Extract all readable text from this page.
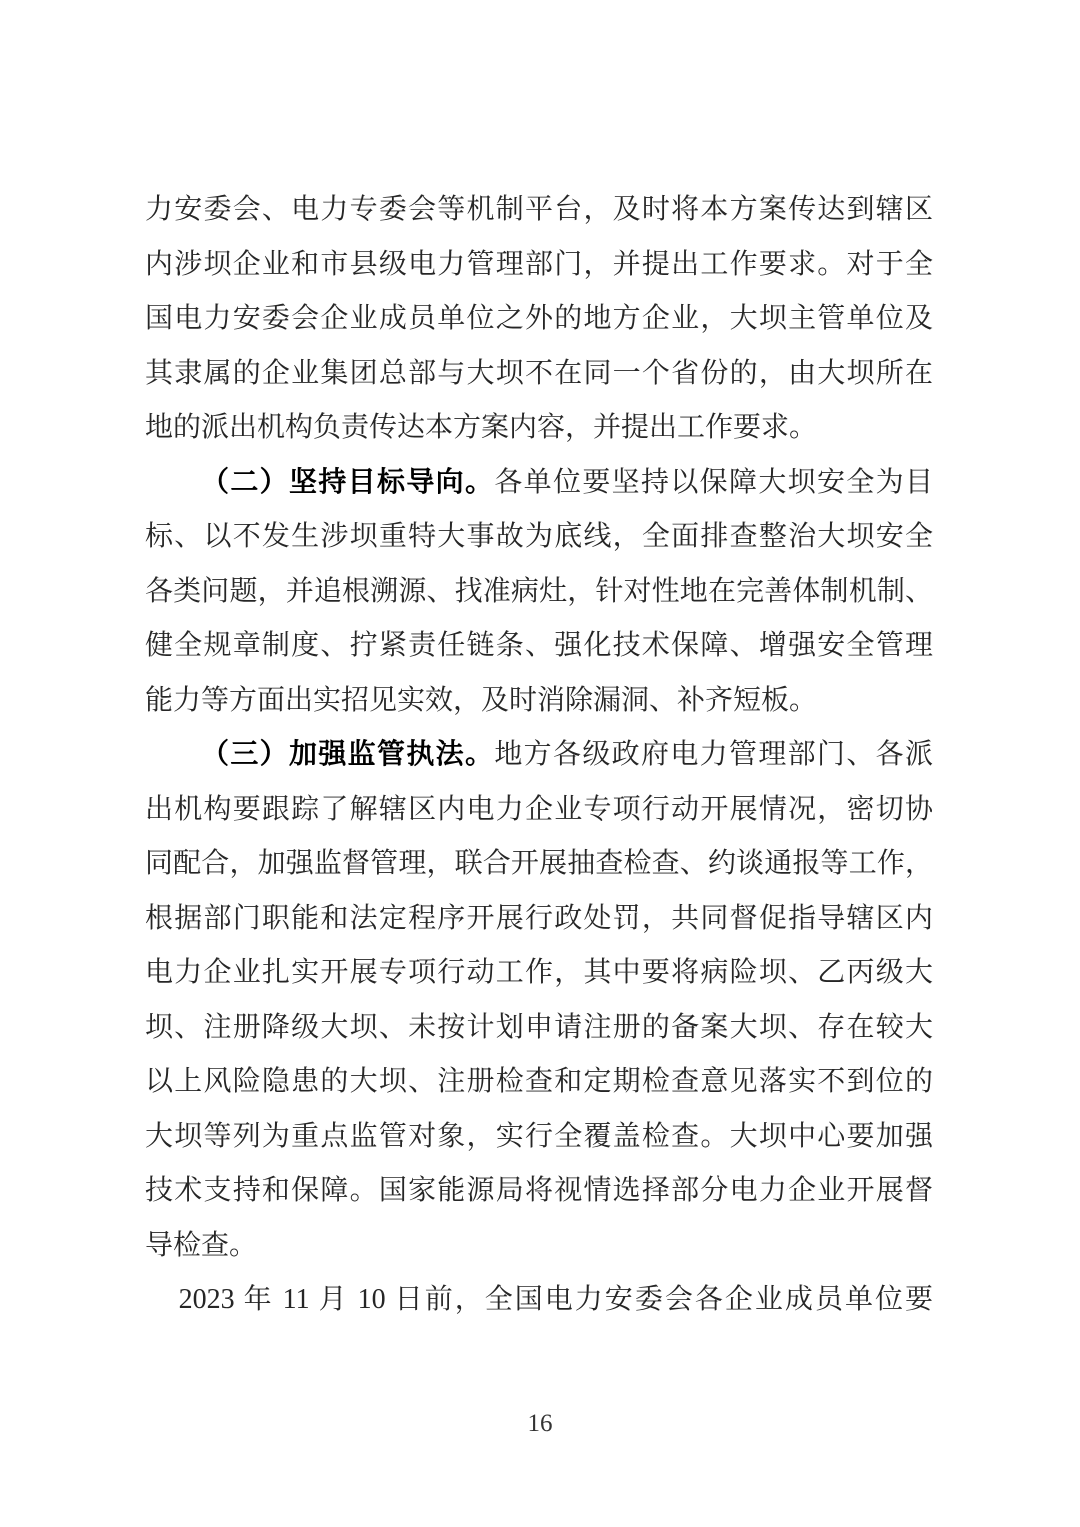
力安委会、电力专委会等机制平台，及时将本方案传达到辖区
内涉坝企业和市县级电力管理部门，并提出工作要求。对于全
国电力安委会企业成员单位之外的地方企业，大坝主管单位及
其隶属的企业集团总部与大坝不在同一个省份的，由大坝所在
地的派出机构负责传达本方案内容，并提出工作要求。
（二）坚持目标导向。各单位要坚持以保障大坝安全为目
标、以不发生涉坝重特大事故为底线，全面排查整治大坝安全
各类问题，并追根溯源、找准病灶，针对性地在完善体制机制、
健全规章制度、拧紧责任链条、强化技术保障、增强安全管理
能力等方面出实招见实效，及时消除漏洞、补齐短板。
（三）加强监管执法。地方各级政府电力管理部门、各派
出机构要跟踪了解辖区内电力企业专项行动开展情况，密切协
同配合，加强监督管理，联合开展抽查检查、约谈通报等工作，
根据部门职能和法定程序开展行政处罚，共同督促指导辖区内
电力企业扎实开展专项行动工作，其中要将病险坝、乙丙级大
坝、注册降级大坝、未按计划申请注册的备案大坝、存在较大
以上风险隐患的大坝、注册检查和定期检查意见落实不到位的
大坝等列为重点监管对象，实行全覆盖检查。大坝中心要加强
技术支持和保障。国家能源局将视情选择部分电力企业开展督
导检查。
2023 年 11 月 10 日前，全国电力安委会各企业成员单位要
16
